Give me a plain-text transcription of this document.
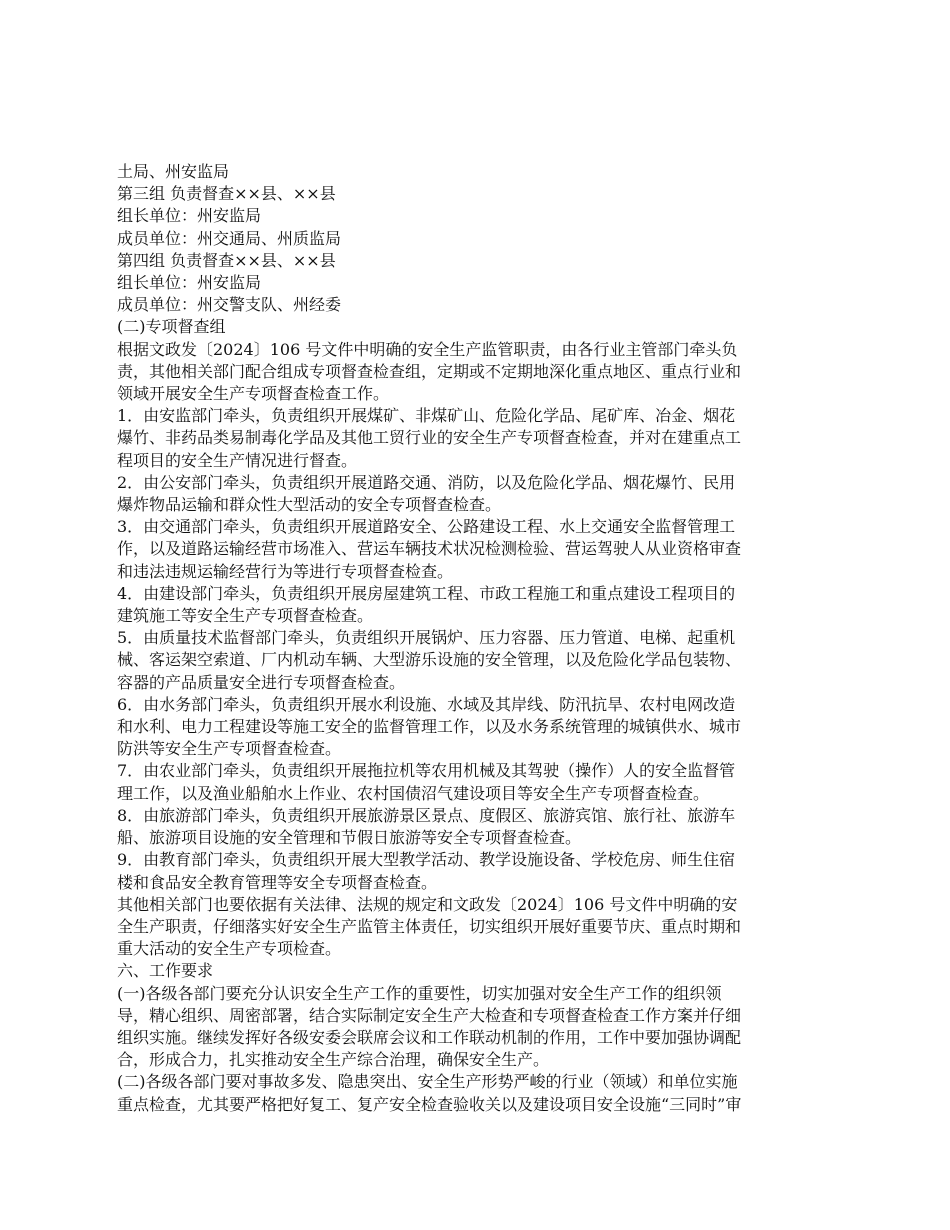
土局、州安监局
第三组 负责督查××县、××县
组长单位：州安监局
成员单位：州交通局、州质监局
第四组 负责督查××县、××县
组长单位：州安监局
成员单位：州交警支队、州经委
(二)专项督查组
根据文政发〔2024〕106 号文件中明确的安全生产监管职责，由各行业主管部门牵头负
责，其他相关部门配合组成专项督查检查组，定期或不定期地深化重点地区、重点行业和
领域开展安全生产专项督查检查工作。
1．由安监部门牵头，负责组织开展煤矿、非煤矿山、危险化学品、尾矿库、冶金、烟花
爆竹、非药品类易制毒化学品及其他工贸行业的安全生产专项督查检查，并对在建重点工
程项目的安全生产情况进行督查。
2．由公安部门牵头，负责组织开展道路交通、消防，以及危险化学品、烟花爆竹、民用
爆炸物品运输和群众性大型活动的安全专项督查检查。
3．由交通部门牵头，负责组织开展道路安全、公路建设工程、水上交通安全监督管理工
作，以及道路运输经营市场准入、营运车辆技术状况检测检验、营运驾驶人从业资格审查
和违法违规运输经营行为等进行专项督查检查。
4．由建设部门牵头，负责组织开展房屋建筑工程、市政工程施工和重点建设工程项目的
建筑施工等安全生产专项督查检查。
5．由质量技术监督部门牵头，负责组织开展锅炉、压力容器、压力管道、电梯、起重机
械、客运架空索道、厂内机动车辆、大型游乐设施的安全管理，以及危险化学品包装物、
容器的产品质量安全进行专项督查检查。
6．由水务部门牵头，负责组织开展水利设施、水域及其岸线、防汛抗旱、农村电网改造
和水利、电力工程建设等施工安全的监督管理工作，以及水务系统管理的城镇供水、城市
防洪等安全生产专项督查检查。
7．由农业部门牵头，负责组织开展拖拉机等农用机械及其驾驶（操作）人的安全监督管
理工作，以及渔业船舶水上作业、农村国债沼气建设项目等安全生产专项督查检查。
8．由旅游部门牵头，负责组织开展旅游景区景点、度假区、旅游宾馆、旅行社、旅游车
船、旅游项目设施的安全管理和节假日旅游等安全专项督查检查。
9．由教育部门牵头，负责组织开展大型教学活动、教学设施设备、学校危房、师生住宿
楼和食品安全教育管理等安全专项督查检查。
其他相关部门也要依据有关法律、法规的规定和文政发〔2024〕106 号文件中明确的安
全生产职责，仔细落实好安全生产监管主体责任，切实组织开展好重要节庆、重点时期和
重大活动的安全生产专项检查。
六、工作要求
(一)各级各部门要充分认识安全生产工作的重要性，切实加强对安全生产工作的组织领
导，精心组织、周密部署，结合实际制定安全生产大检查和专项督查检查工作方案并仔细
组织实施。继续发挥好各级安委会联席会议和工作联动机制的作用，工作中要加强协调配
合，形成合力，扎实推动安全生产综合治理，确保安全生产。
(二)各级各部门要对事故多发、隐患突出、安全生产形势严峻的行业（领域）和单位实施
重点检查，尤其要严格把好复工、复产安全检查验收关以及建设项目安全设施“三同时”审
